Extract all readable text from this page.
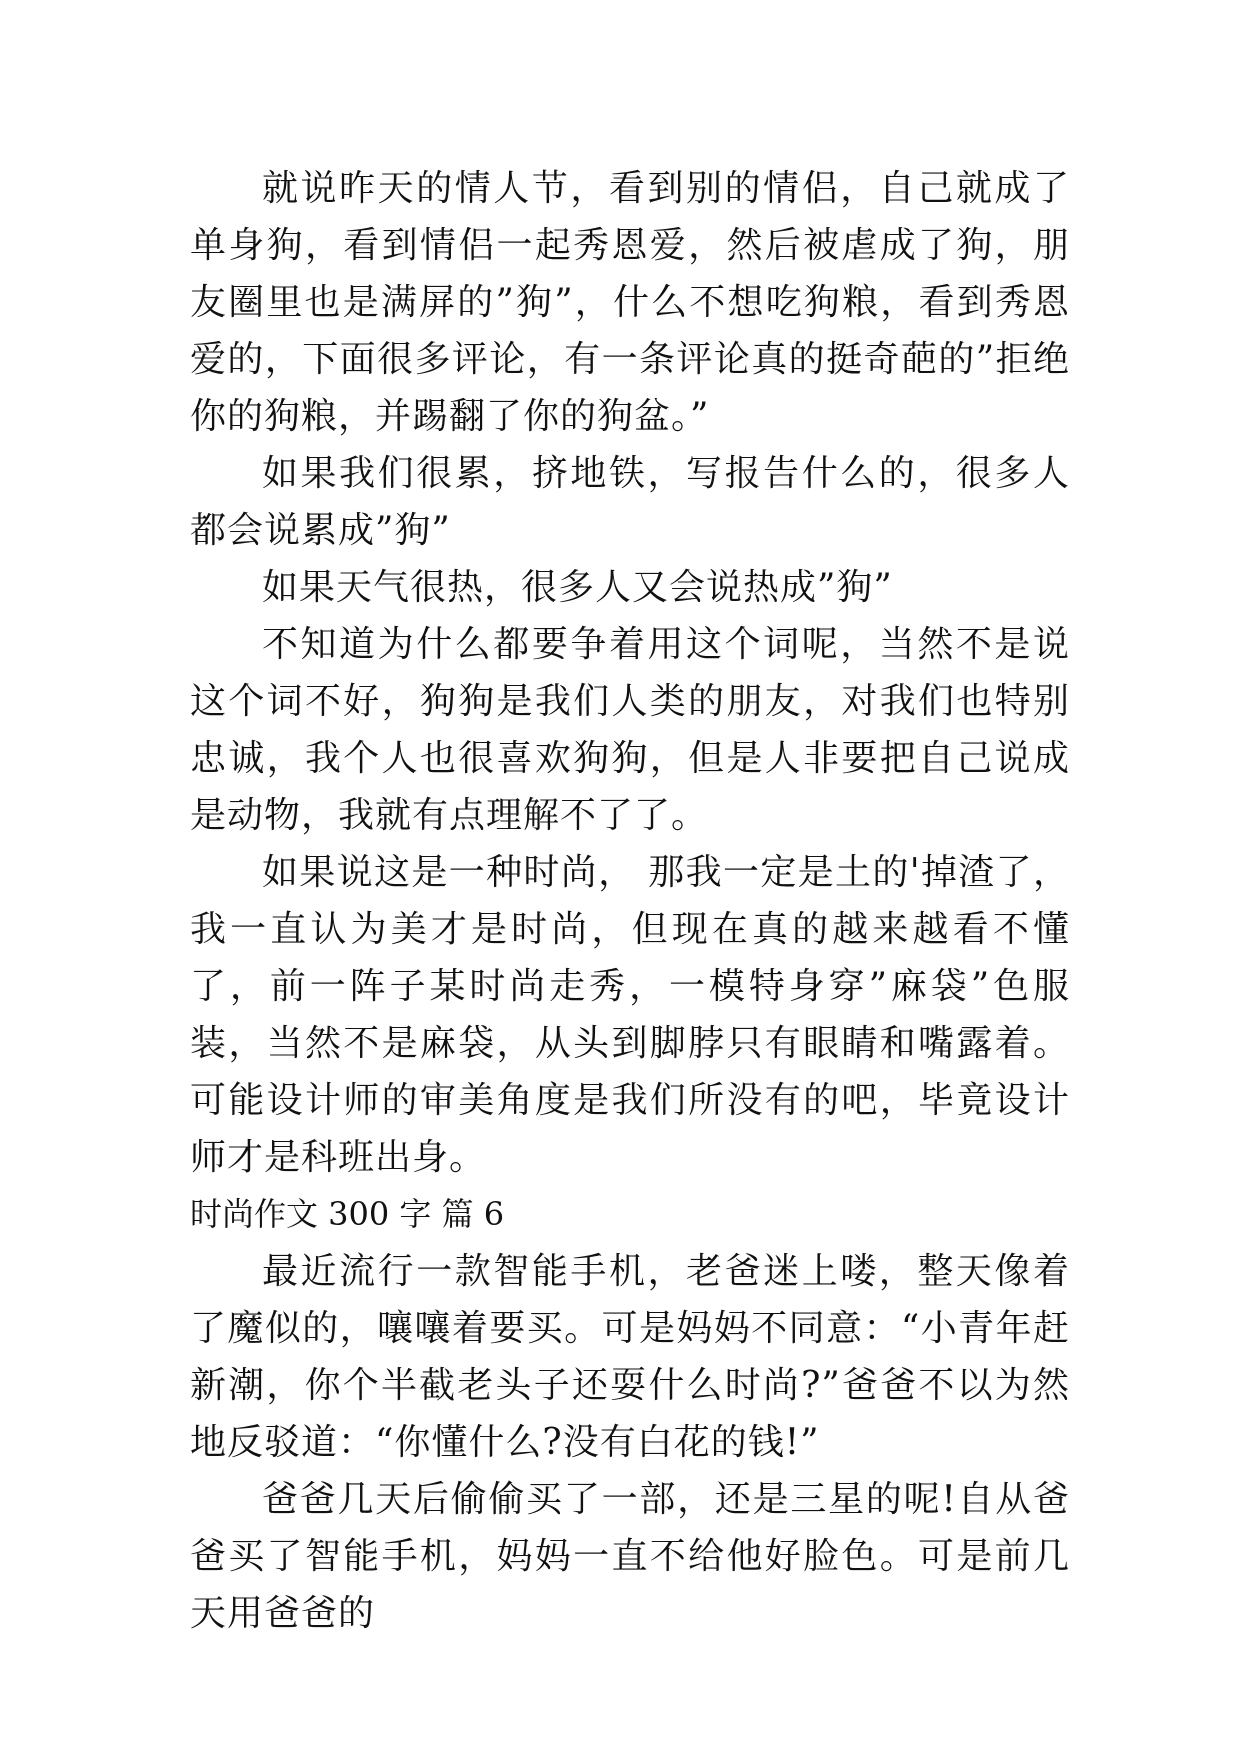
就说昨天的情人节，看到别的情侣，自己就成了单身狗，看到情侣一起秀恩爱，然后被虐成了狗，朋友圈里也是满屏的”狗”，什么不想吃狗粮，看到秀恩爱的，下面很多评论，有一条评论真的挺奇葩的”拒绝你的狗粮，并踢翻了你的狗盆。”

如果我们很累，挤地铁，写报告什么的，很多人都会说累成”狗”

如果天气很热，很多人又会说热成”狗”

不知道为什么都要争着用这个词呢，当然不是说这个词不好，狗狗是我们人类的朋友，对我们也特别忠诚，我个人也很喜欢狗狗，但是人非要把自己说成是动物，我就有点理解不了了。

如果说这是一种时尚， 那我一定是土的'掉渣了，我一直认为美才是时尚，但现在真的越来越看不懂了，前一阵子某时尚走秀，一模特身穿”麻袋”色服装，当然不是麻袋，从头到脚脖只有眼睛和嘴露着。可能设计师的审美角度是我们所没有的吧，毕竟设计师才是科班出身。

时尚作文 300 字 篇 6

最近流行一款智能手机，老爸迷上喽，整天像着了魔似的，嚷嚷着要买。可是妈妈不同意：“小青年赶新潮，你个半截老头子还耍什么时尚?”爸爸不以为然地反驳道：“你懂什么?没有白花的钱!”

爸爸几天后偷偷买了一部，还是三星的呢!自从爸爸买了智能手机，妈妈一直不给他好脸色。可是前几天用爸爸的
